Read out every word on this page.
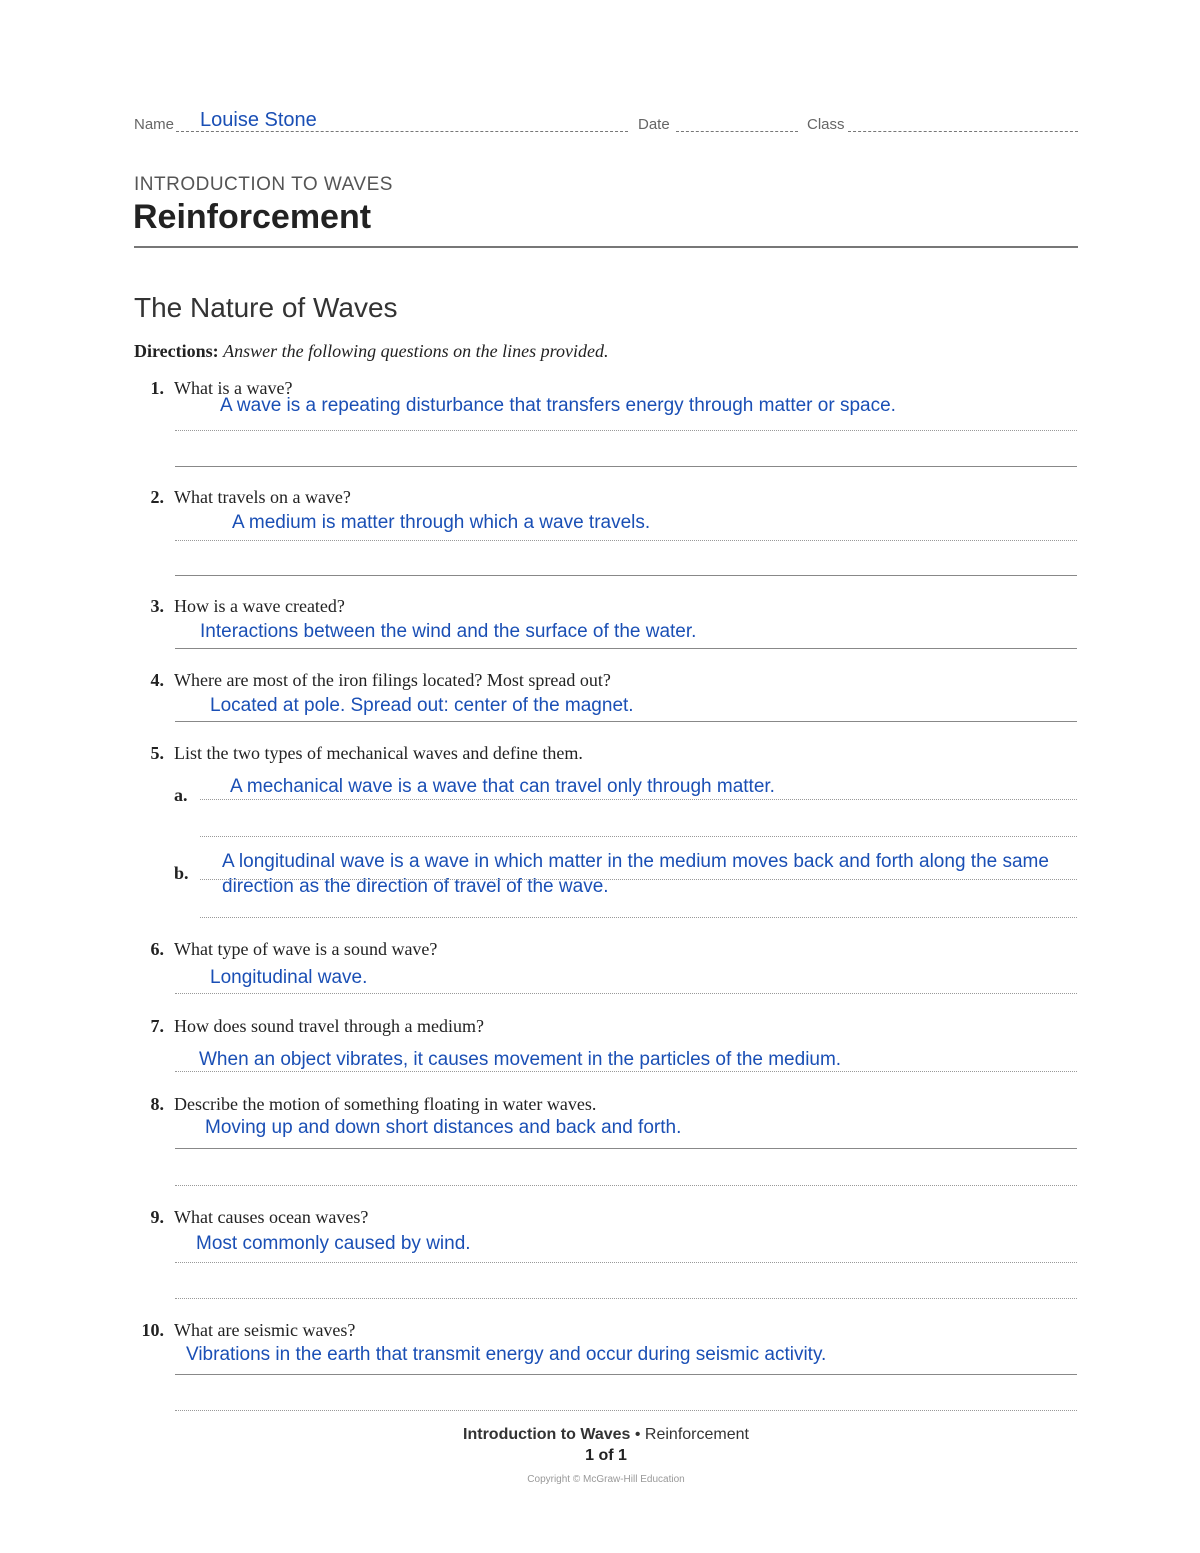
Name Louise Stone	Date	Class
INTRODUCTION TO WAVES
Reinforcement
The Nature of Waves
Directions: Answer the following questions on the lines provided.
1. What is a wave?
A wave is a repeating disturbance that transfers energy through matter or space.
2. What travels on a wave?
A medium is matter through which a wave travels.
3. How is a wave created?
Interactions between the wind and the surface of the water.
4. Where are most of the iron filings located? Most spread out?
Located at pole. Spread out: center of the magnet.
5. List the two types of mechanical waves and define them.
a. A mechanical wave is a wave that can travel only through matter.
b.
A longitudinal wave is a wave in which matter in the medium moves back and forth along the same
direction as the direction of travel of the wave.
6. What type of wave is a sound wave?
Longitudinal wave.
7. How does sound travel through a medium?
When an object vibrates, it causes movement in the particles of the medium.
8. Describe the motion of something floating in water waves.
Moving up and down short distances and back and forth.
9. What causes ocean waves?
Most commonly caused by wind.
10. What are seismic waves?
Vibrations in the earth that transmit energy and occur during seismic activity.
Introduction to Waves • Reinforcement
1 of 1
Copyright © McGraw-Hill Education
